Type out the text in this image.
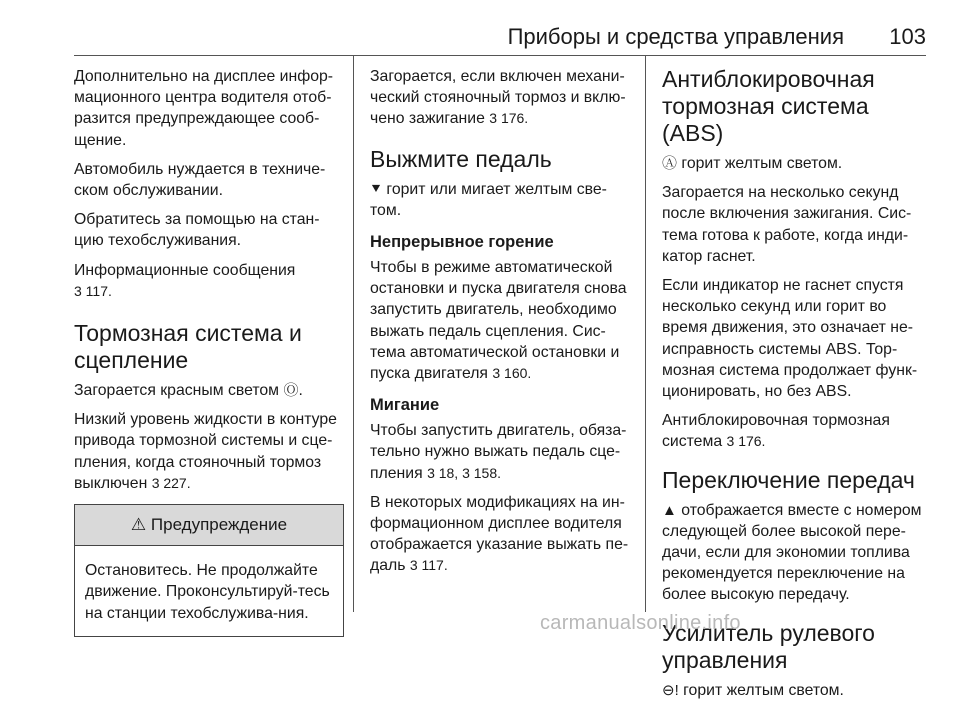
Приборы и средства управления 103

Дополнительно на дисплее инфор-мационного центра водителя отоб-разится предупреждающее сооб-щение.

Автомобиль нуждается в техниче-ском обслуживании.

Обратитесь за помощью на стан-цию техобслуживания.

Информационные сообщения
3 117.

Тормозная система и сцепление

Загорается красным светом Ⓞ.

Низкий уровень жидкости в контуре привода тормозной системы и сце-пления, когда стояночный тормоз выключен 3 227.

⚠ Предупреждение
Остановитесь. Не продолжайте движение. Проконсультируй-тесь на станции техобслужива-ния.

Загорается, если включен механи-ческий стояночный тормоз и вклю-чено зажигание 3 176.

Выжмите педаль

⯆ горит или мигает желтым све-том.

Непрерывное горение

Чтобы в режиме автоматической остановки и пуска двигателя снова запустить двигатель, необходимо выжать педаль сцепления. Сис-тема автоматической остановки и пуска двигателя 3 160.

Мигание

Чтобы запустить двигатель, обяза-тельно нужно выжать педаль сце-пления 3 18, 3 158.

В некоторых модификациях на ин-формационном дисплее водителя отображается указание выжать пе-даль 3 117.

Антиблокировочная тормозная система (ABS)

Ⓐ горит желтым светом.

Загорается на несколько секунд после включения зажигания. Сис-тема готова к работе, когда инди-катор гаснет.

Если индикатор не гаснет спустя несколько секунд или горит во время движения, это означает не-исправность системы ABS. Тор-мозная система продолжает функ-ционировать, но без ABS.

Антиблокировочная тормозная система 3 176.

Переключение передач

▲ отображается вместе с номером следующей более высокой пере-дачи, если для экономии топлива рекомендуется переключение на более высокую передачу.

Усилитель рулевого управления

⊖! горит желтым светом.

carmanualsonline.info
